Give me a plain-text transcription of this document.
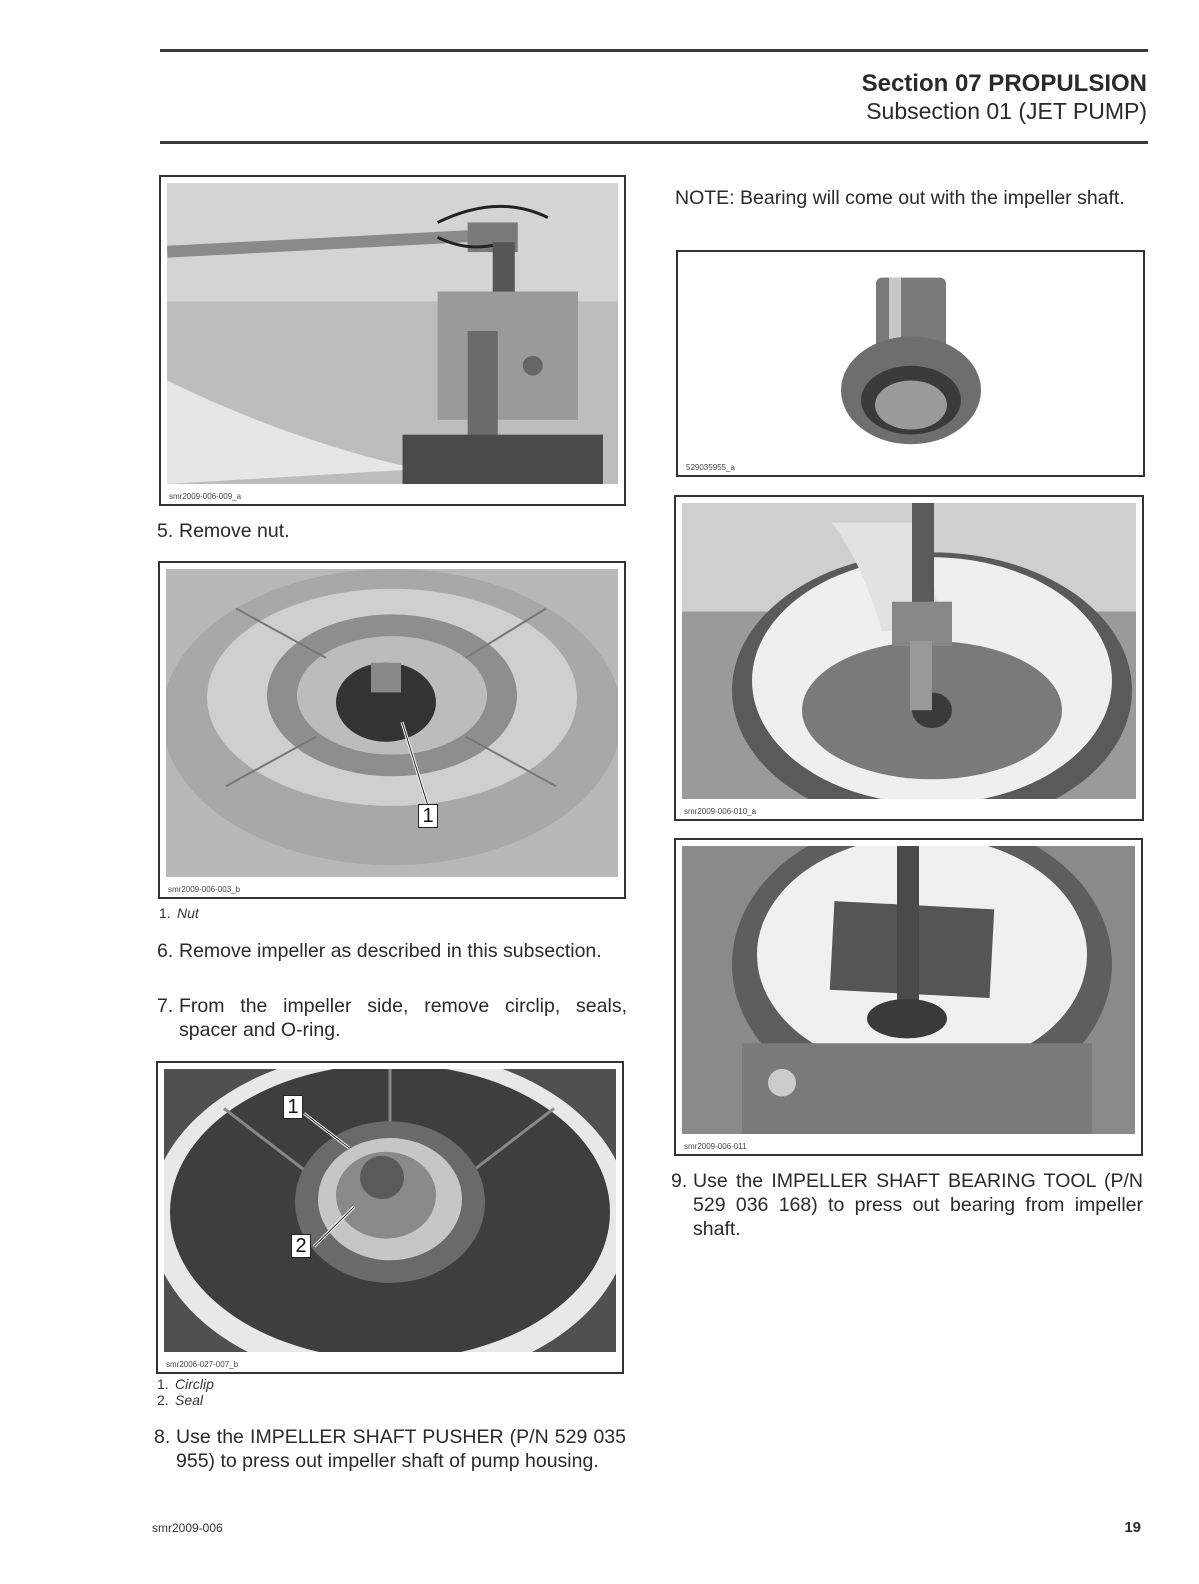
Section 07 PROPULSION
Subsection 01 (JET PUMP)
smr2009-006-009_a
5. Remove nut.
1
smr2009-006-003_b
1. Nut
6. Remove impeller as described in this subsection.
7. From the impeller side, remove circlip, seals, spacer and O-ring.
1
2
smr2006-027-007_b
1. Circlip
2. Seal
8. Use the IMPELLER SHAFT PUSHER (P/N 529 035 955) to press out impeller shaft of pump housing.
NOTE: Bearing will come out with the impeller shaft.
529035955_a
smr2009-006-010_a
smr2009-006-011
9. Use the IMPELLER SHAFT BEARING TOOL (P/N 529 036 168) to press out bearing from impeller shaft.
smr2009-006	19
